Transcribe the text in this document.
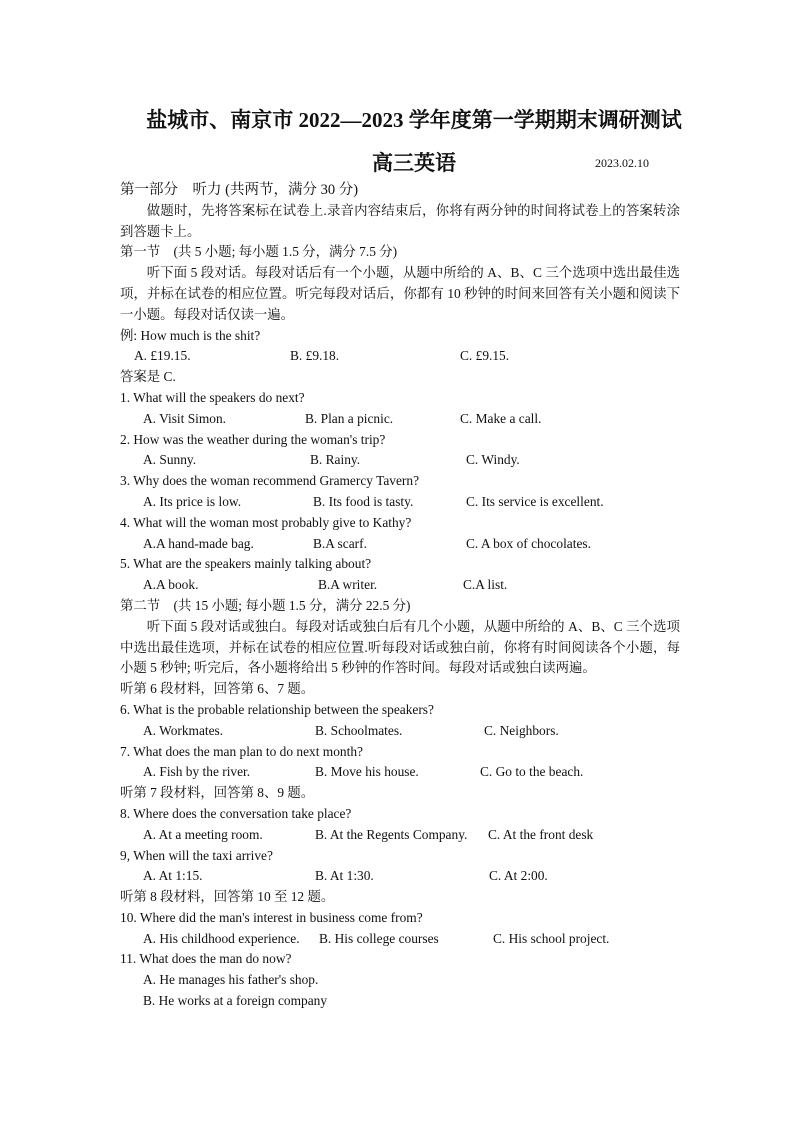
盐城市、南京市 2022—2023 学年度第一学期期末调研测试
高三英语	2023.02.10
第一部分　听力 (共两节，满分 30 分)
做题时，先将答案标在试卷上.录音内容结束后，你将有两分钟的时间将试卷上的答案转涂到答题卡上。
第一节　(共 5 小题; 每小题 1.5 分，满分 7.5 分)
听下面 5 段对话。每段对话后有一个小题，从题中所给的 A、B、C 三个选项中选出最佳选项，并标在试卷的相应位置。听完每段对话后，你都有 10 秒钟的时间来回答有关小题和阅读下一小题。每段对话仅读一遍。
例: How much is the shit?
A. £19.15.	B. £9.18.	C. £9.15.
答案是 C.
1. What will the speakers do next?
A. Visit Simon.	B. Plan a picnic.	C. Make a call.
2. How was the weather during the woman's trip?
A. Sunny.	B. Rainy.	C. Windy.
3. Why does the woman recommend Gramercy Tavern?
A. Its price is low.	B. Its food is tasty.	C. Its service is excellent.
4. What will the woman most probably give to Kathy?
A.A hand-made bag.	B.A scarf.	C. A box of chocolates.
5. What are the speakers mainly talking about?
A.A book.	B.A writer.	C.A list.
第二节　(共 15 小题; 每小题 1.5 分，满分 22.5 分)
听下面 5 段对话或独白。每段对话或独白后有几个小题，从题中所给的 A、B、C 三个选项中选出最佳选项，并标在试卷的相应位置.听每段对话或独白前，你将有时间阅读各个小题，每小题 5 秒钟; 听完后，各小题将给出 5 秒钟的作答时间。每段对话或独白读两遍。
听第 6 段材料，回答第 6、7 题。
6. What is the probable relationship between the speakers?
A. Workmates.	B. Schoolmates.	C. Neighbors.
7. What does the man plan to do next month?
A. Fish by the river.	B. Move his house.	C. Go to the beach.
听第 7 段材料，回答第 8、9 题。
8. Where does the conversation take place?
A. At a meeting room.	B. At the Regents Company. C. At the front desk
9, When will the taxi arrive?
A. At 1:15.	B. At 1:30.	C. At 2:00.
听第 8 段材料，回答第 10 至 12 题。
10. Where did the man's interest in business come from?
A. His childhood experience. B. His college courses	C. His school project.
11. What does the man do now?
A. He manages his father's shop.
B. He works at a foreign company
